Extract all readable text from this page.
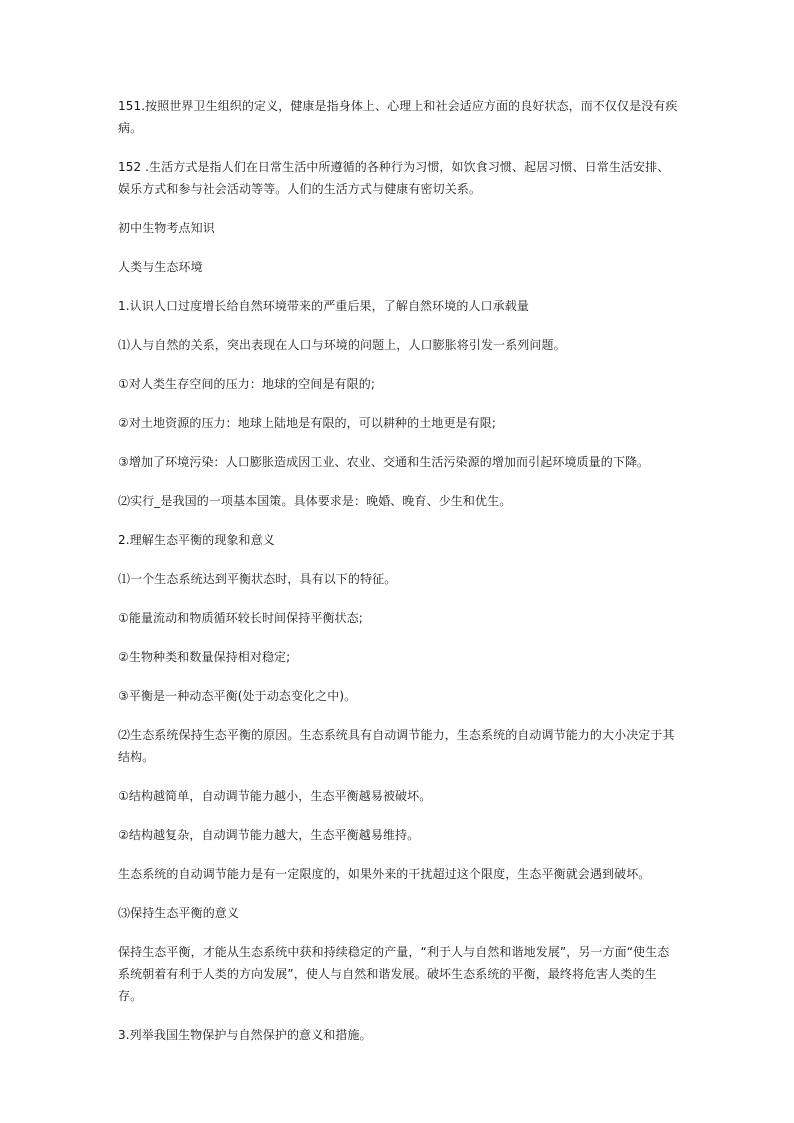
151.按照世界卫生组织的定义，健康是指身体上、心理上和社会适应方面的良好状态，而不仅仅是没有疾病。

152 .生活方式是指人们在日常生活中所遵循的各种行为习惯，如饮食习惯、起居习惯、日常生活安排、娱乐方式和参与社会活动等等。人们的生活方式与健康有密切关系。

初中生物考点知识

人类与生态环境

1.认识人口过度增长给自然环境带来的严重后果，了解自然环境的人口承载量

⑴人与自然的关系，突出表现在人口与环境的问题上，人口膨胀将引发一系列问题。

①对人类生存空间的压力：地球的空间是有限的;

②对土地资源的压力：地球上陆地是有限的，可以耕种的土地更是有限;

③增加了环境污染：人口膨胀造成因工业、农业、交通和生活污染源的增加而引起环境质量的下降。

⑵实行_是我国的一项基本国策。具体要求是：晚婚、晚育、少生和优生。

2.理解生态平衡的现象和意义

⑴一个生态系统达到平衡状态时，具有以下的特征。

①能量流动和物质循环较长时间保持平衡状态;

②生物种类和数量保持相对稳定;

③平衡是一种动态平衡(处于动态变化之中)。

⑵生态系统保持生态平衡的原因。生态系统具有自动调节能力，生态系统的自动调节能力的大小决定于其结构。

①结构越简单，自动调节能力越小，生态平衡越易被破坏。

②结构越复杂，自动调节能力越大，生态平衡越易维持。

生态系统的自动调节能力是有一定限度的，如果外来的干扰超过这个限度，生态平衡就会遇到破坏。

⑶保持生态平衡的意义

保持生态平衡，才能从生态系统中获和持续稳定的产量，“利于人与自然和谐地发展”，另一方面“使生态系统朝着有利于人类的方向发展”，使人与自然和谐发展。破坏生态系统的平衡，最终将危害人类的生存。

3.列举我国生物保护与自然保护的意义和措施。
